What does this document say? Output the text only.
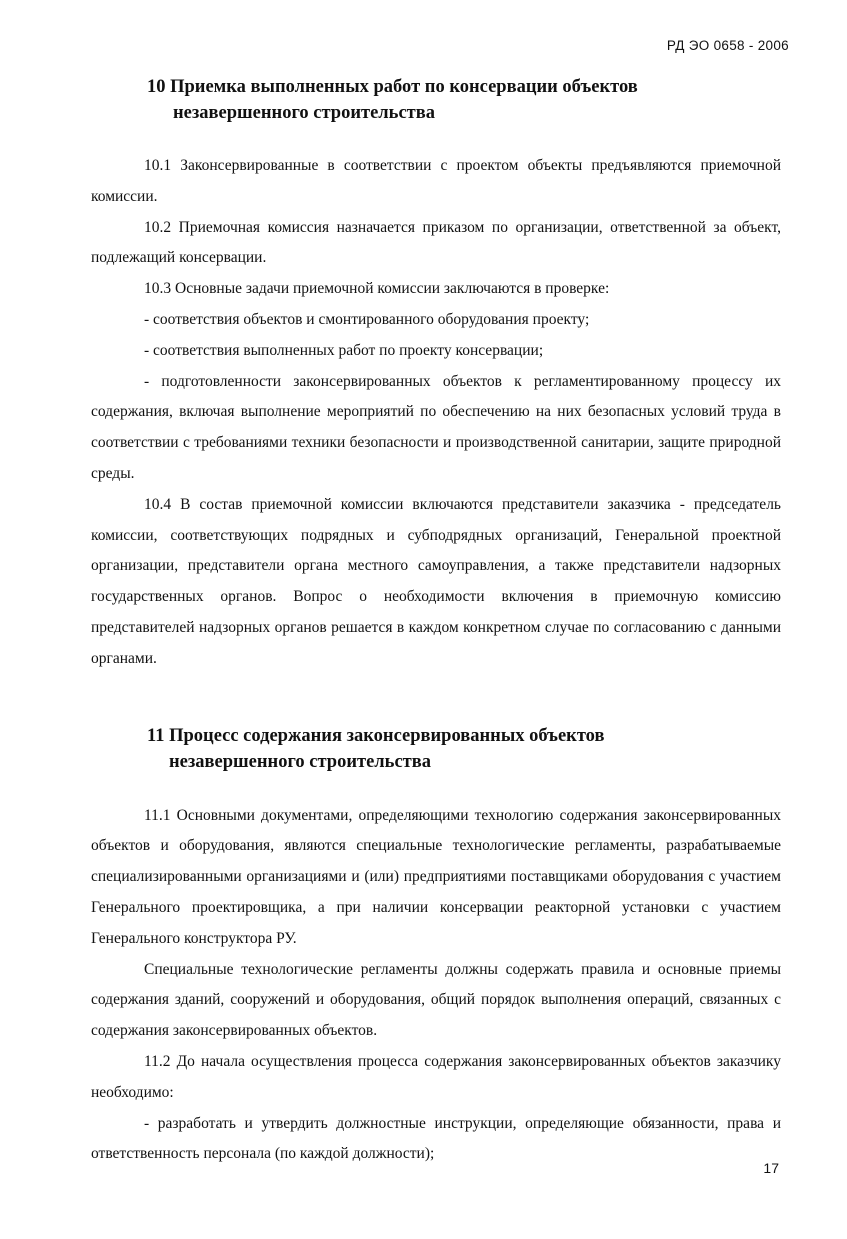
РД ЭО 0658 - 2006
10 Приемка выполненных работ по консервации объектов
незавершенного строительства

10.1 Законсервированные в соответствии с проектом объекты предъявляются приемочной комиссии.

10.2 Приемочная комиссия назначается приказом по организации, ответственной за объект, подлежащий консервации.

10.3 Основные задачи приемочной комиссии заключаются в проверке:

- соответствия объектов и смонтированного оборудования проекту;

- соответствия выполненных работ по проекту консервации;

- подготовленности законсервированных объектов к регламентированному процессу их содержания, включая выполнение мероприятий по обеспечению на них безопасных условий труда в соответствии с требованиями техники безопасности и производственной санитарии, защите природной среды.

10.4 В состав приемочной комиссии включаются представители заказчика - председатель комиссии, соответствующих подрядных и субподрядных организаций, Генеральной проектной организации, представители органа местного самоуправления, а также представители надзорных государственных органов. Вопрос о необходимости включения в приемочную комиссию представителей надзорных органов решается в каждом конкретном случае по согласованию с данными органами.

11 Процесс содержания законсервированных объектов
незавершенного строительства

11.1 Основными документами, определяющими технологию содержания законсервированных объектов и оборудования, являются специальные технологические регламенты, разрабатываемые специализированными организациями и (или) предприятиями поставщиками оборудования с участием Генерального проектировщика, а при наличии консервации реакторной установки с участием Генерального конструктора РУ.

Специальные технологические регламенты должны содержать правила и основные приемы содержания зданий, сооружений и оборудования, общий порядок выполнения операций, связанных с содержания законсервированных объектов.

11.2 До начала осуществления процесса содержания законсервированных объектов заказчику необходимо:

- разработать и утвердить должностные инструкции, определяющие обязанности, права и ответственность персонала (по каждой должности);

17
